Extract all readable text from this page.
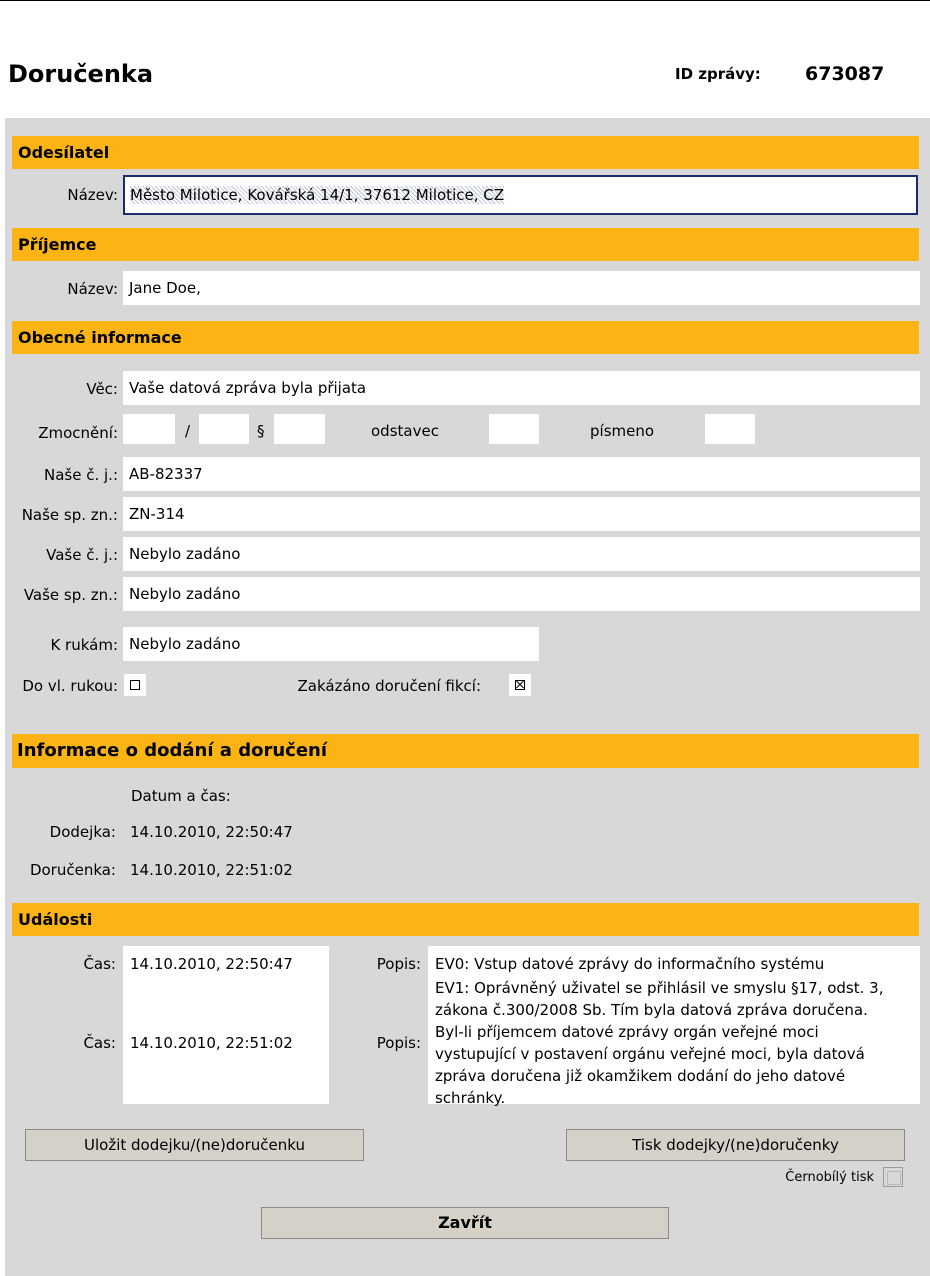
Doručenka	ID zprávy: 673087
Odesílatel
Název: Město Milotice, Kovářská 14/1, 37612 Milotice, CZ
Příjemce
Název: Jane Doe,
Obecné informace
Věc: Vaše datová zpráva byla přijata
Zmocnění:	/	§	odstavec	písmeno
Naše č. j.: AB-82337
Naše sp. zn.: ZN-314
Vaše č. j.: Nebylo zadáno
Vaše sp. zn.: Nebylo zadáno
K rukám: Nebylo zadáno
Do vl. rukou:	Zakázáno doručení fikcí:
Informace o dodání a doručení
Datum a čas:
Dodejka: 14.10.2010, 22:50:47
Doručenka: 14.10.2010, 22:51:02
Události
Čas: 14.10.2010, 22:50:47	Popis: EV0: Vstup datové zprávy do informačního systému
Čas: 14.10.2010, 22:51:02	Popis:
EV1: Oprávněný uživatel se přihlásil ve smyslu §17, odst. 3,
zákona č.300/2008 Sb. Tím byla datová zpráva doručena.
Byl-li příjemcem datové zprávy orgán veřejné moci
vystupující v postavení orgánu veřejné moci, byla datová
zpráva doručena již okamžikem dodání do jeho datové
schránky.
Uložit dodejku/(ne)doručenku	Tisk dodejky/(ne)doručenky
Černobílý tisk
Zavřít
